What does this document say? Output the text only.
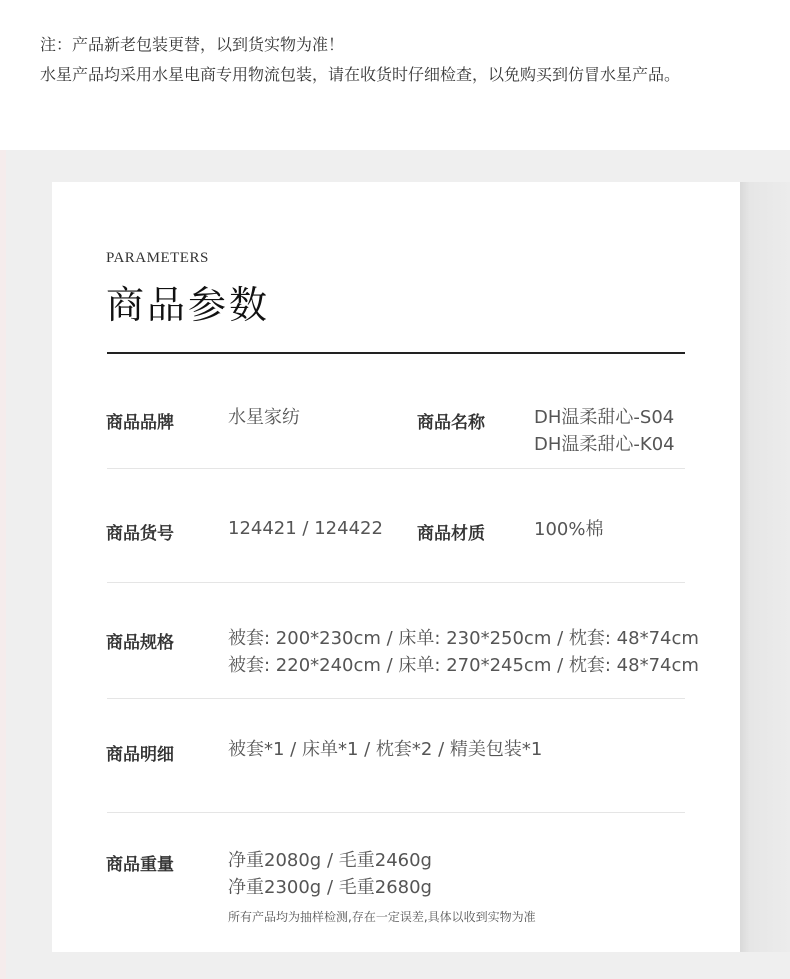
注：产品新老包装更替，以到货实物为准！
水星产品均采用水星电商专用物流包装，请在收货时仔细检查，以免购买到仿冒水星产品。
PARAMETERS
商品参数
商品品牌	水星家纺	商品名称	DH温柔甜心-S04
DH温柔甜心-K04
商品货号	124421 / 124422 商品材质	100%棉
商品规格	被套: 200*230cm / 床单: 230*250cm / 枕套: 48*74cm
被套: 220*240cm / 床单: 270*245cm / 枕套: 48*74cm
商品明细	被套*1 / 床单*1 / 枕套*2 / 精美包装*1
商品重量	净重2080g / 毛重2460g
净重2300g / 毛重2680g
所有产品均为抽样检测,存在一定误差,具体以收到实物为准
